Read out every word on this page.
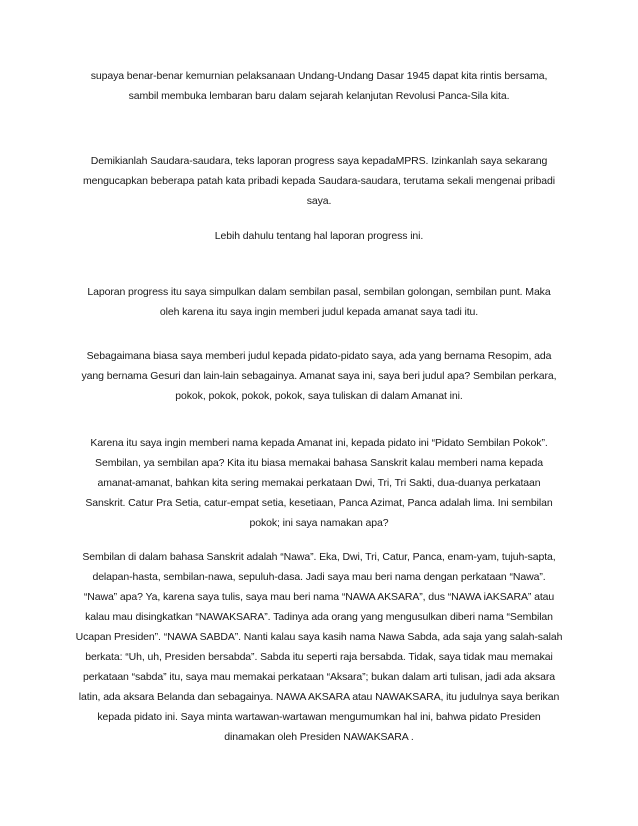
supaya benar-benar kemurnian pelaksanaan Undang-Undang Dasar 1945 dapat kita rintis bersama,
sambil membuka lembaran baru dalam sejarah kelanjutan Revolusi Panca-Sila kita.
Demikianlah Saudara-saudara, teks laporan progress saya kepadaMPRS. Izinkanlah saya sekarang
mengucapkan beberapa patah kata pribadi kepada Saudara-saudara, terutama sekali mengenai pribadi
saya.
Lebih dahulu tentang hal laporan progress ini.
Laporan progress itu saya simpulkan dalam sembilan pasal, sembilan golongan, sembilan punt. Maka
oleh karena itu saya ingin memberi judul kepada amanat saya tadi itu.
Sebagaimana biasa saya memberi judul kepada pidato-pidato saya, ada yang bernama Resopim, ada
yang bernama Gesuri dan lain-lain sebagainya. Amanat saya ini, saya beri judul apa? Sembilan perkara,
pokok, pokok, pokok, pokok, saya tuliskan di dalam Amanat ini.
Karena itu saya ingin memberi nama kepada Amanat ini, kepada pidato ini “Pidato Sembilan Pokok”.
Sembilan, ya sembilan apa? Kita itu biasa memakai bahasa Sanskrit kalau memberi nama kepada
amanat-amanat, bahkan kita sering memakai perkataan Dwi, Tri, Tri Sakti, dua-duanya perkataan
Sanskrit. Catur Pra Setia, catur-empat setia, kesetiaan, Panca Azimat, Panca adalah lima. Ini sembilan
pokok; ini saya namakan apa?
Sembilan di dalam bahasa Sanskrit adalah “Nawa”. Eka, Dwi, Tri, Catur, Panca, enam-yam, tujuh-sapta,
delapan-hasta, sembilan-nawa, sepuluh-dasa. Jadi saya mau beri nama dengan perkataan “Nawa”.
“Nawa” apa? Ya, karena saya tulis, saya mau beri nama “NAWA AKSARA”, dus “NAWA iAKSARA” atau
kalau mau disingkatkan “NAWAKSARA”. Tadinya ada orang yang mengusulkan diberi nama “Sembilan
Ucapan Presiden”. “NAWA SABDA”. Nanti kalau saya kasih nama Nawa Sabda, ada saja yang salah-salah
berkata: “Uh, uh, Presiden bersabda”. Sabda itu seperti raja bersabda. Tidak, saya tidak mau memakai
perkataan “sabda” itu, saya mau memakai perkataan “Aksara”; bukan dalam arti tulisan, jadi ada aksara
latin, ada aksara Belanda dan sebagainya. NAWA AKSARA atau NAWAKSARA, itu judulnya saya berikan
kepada pidato ini. Saya minta wartawan-wartawan mengumumkan hal ini, bahwa pidato Presiden
dinamakan oleh Presiden NAWAKSARA .
